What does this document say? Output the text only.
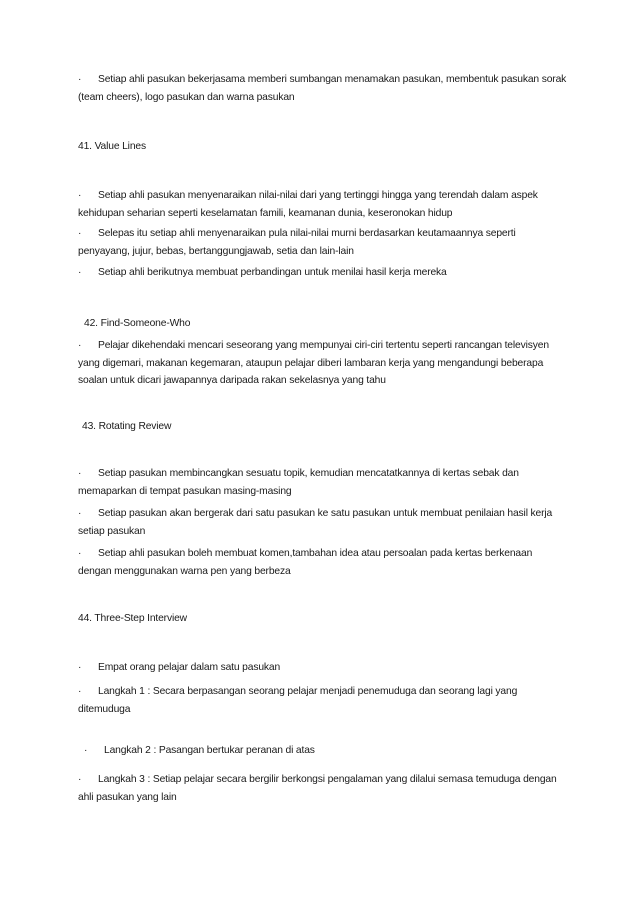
· Setiap ahli pasukan bekerjasama memberi sumbangan menamakan pasukan, membentuk pasukan sorak (team cheers), logo pasukan dan warna pasukan
41. Value Lines
· Setiap ahli pasukan menyenaraikan nilai-nilai dari yang tertinggi hingga yang terendah dalam aspek kehidupan seharian seperti keselamatan famili, keamanan dunia, keseronokan hidup
· Selepas itu setiap ahli menyenaraikan pula nilai-nilai murni berdasarkan keutamaannya seperti penyayang, jujur, bebas, bertanggungjawab, setia dan lain-lain
· Setiap ahli berikutnya membuat perbandingan untuk menilai hasil kerja mereka
42. Find-Someone-Who
· Pelajar dikehendaki mencari seseorang yang mempunyai ciri-ciri tertentu seperti rancangan televisyen yang digemari, makanan kegemaran, ataupun pelajar diberi lambaran kerja yang mengandungi beberapa soalan untuk dicari jawapannya daripada rakan sekelasnya yang tahu
43. Rotating Review
· Setiap pasukan membincangkan sesuatu topik, kemudian mencatatkannya di kertas sebak dan memaparkan di tempat pasukan masing-masing
· Setiap pasukan akan bergerak dari satu pasukan ke satu pasukan untuk membuat penilaian hasil kerja setiap pasukan
· Setiap ahli pasukan boleh membuat komen,tambahan idea atau persoalan pada kertas berkenaan dengan menggunakan warna pen yang berbeza
44. Three-Step Interview
· Empat orang pelajar dalam satu pasukan
· Langkah 1 : Secara berpasangan seorang pelajar menjadi penemuduga dan seorang lagi yang ditemuduga
· Langkah 2 : Pasangan bertukar peranan di atas
· Langkah 3 : Setiap pelajar secara bergilir berkongsi pengalaman yang dilalui semasa temuduga dengan ahli pasukan yang lain
